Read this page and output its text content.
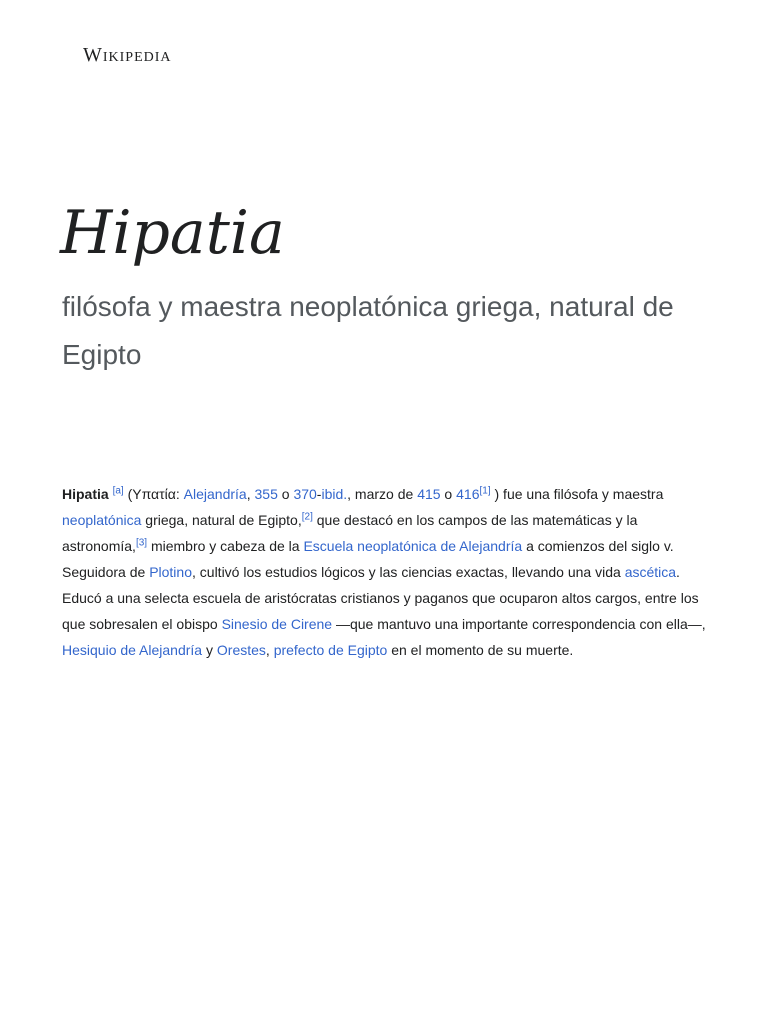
Wikipedia
Hipatia
filósofa y maestra neoplatónica griega, natural de Egipto

Hipatia [a] (Υπατία: Alejandría, 355 o 370-ibid., marzo de 415 o 416[1] ) fue una filósofa y maestra neoplatónica griega, natural de Egipto,[2] que destacó en los campos de las matemáticas y la astronomía,[3] miembro y cabeza de la Escuela neoplatónica de Alejandría a comienzos del siglo v. Seguidora de Plotino, cultivó los estudios lógicos y las ciencias exactas, llevando una vida ascética. Educó a una selecta escuela de aristócratas cristianos y paganos que ocuparon altos cargos, entre los que sobresalen el obispo Sinesio de Cirene —que mantuvo una importante correspondencia con ella—, Hesiquio de Alejandría y Orestes, prefecto de Egipto en el momento de su muerte.
